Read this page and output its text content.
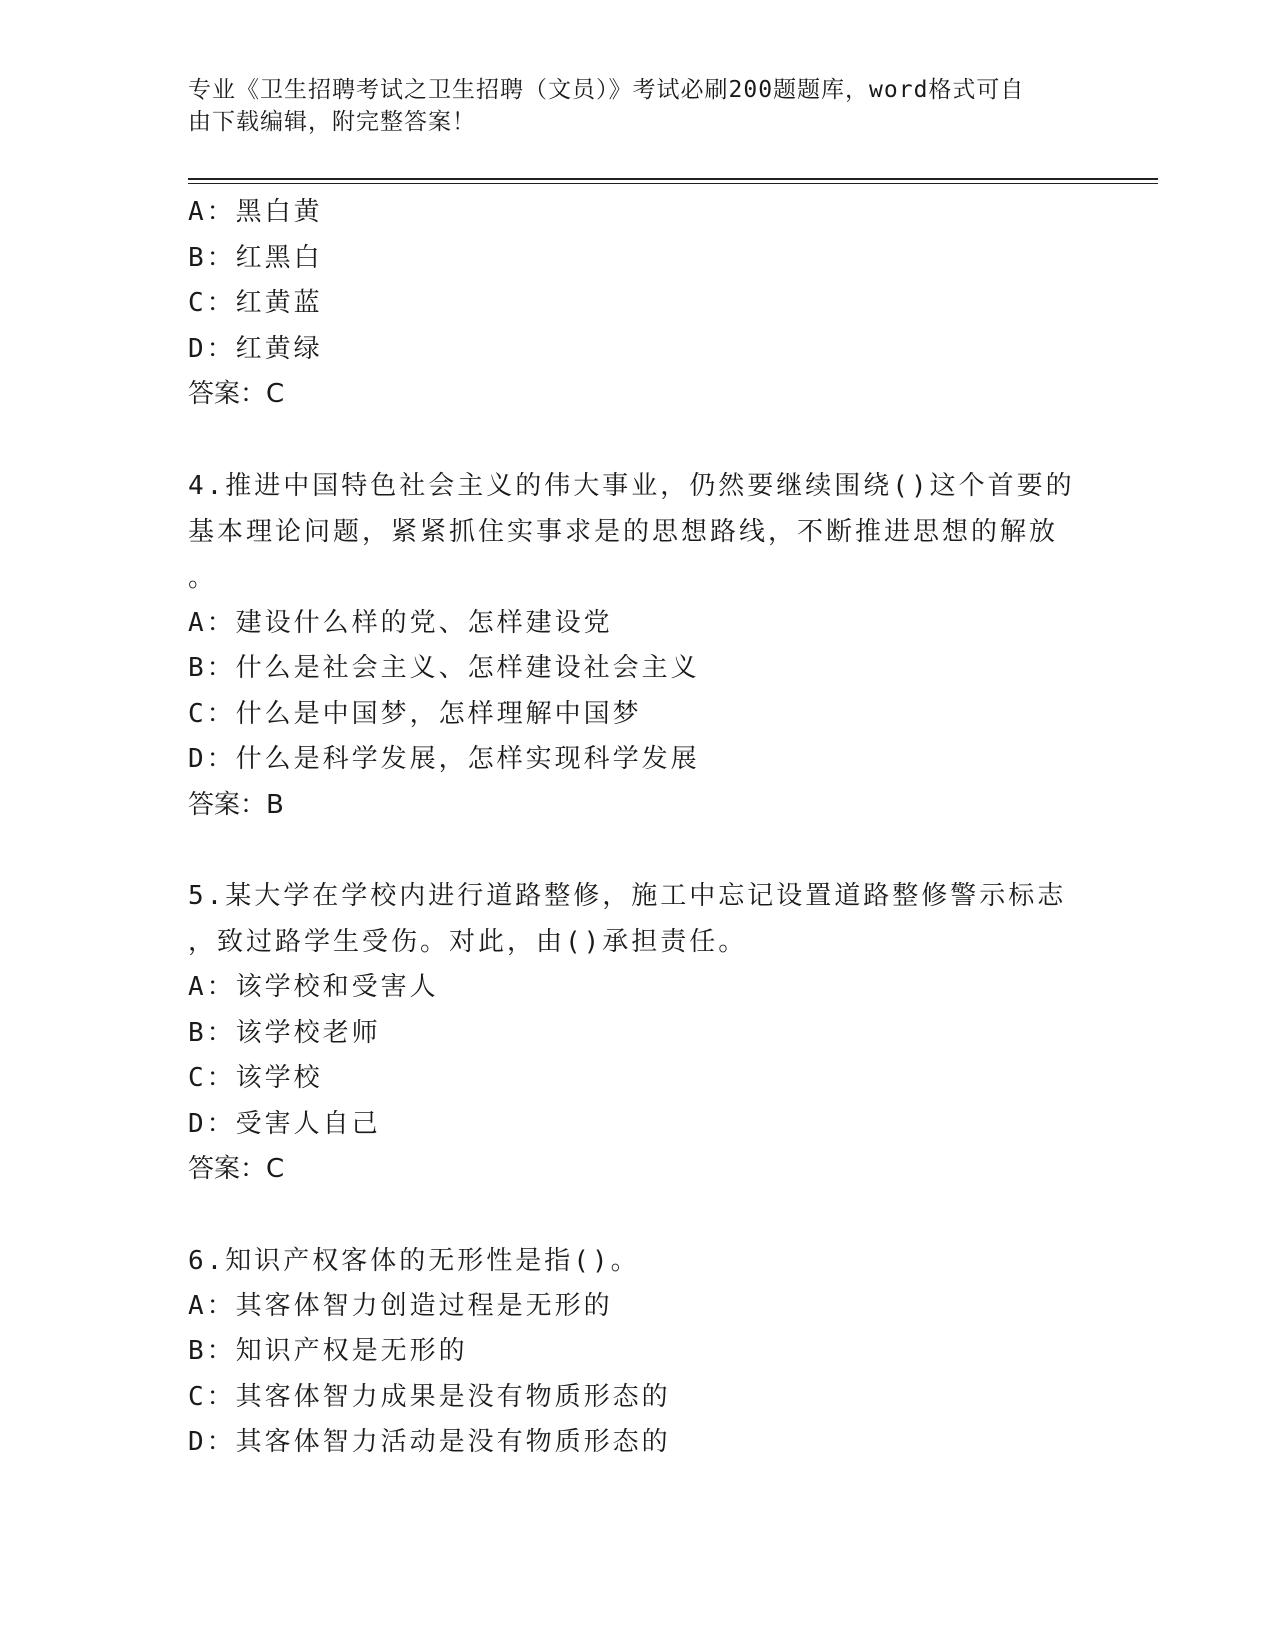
专业《卫生招聘考试之卫生招聘（文员）》考试必刷200题题库，word格式可自
由下载编辑，附完整答案！
A：黑白黄
B：红黑白
C：红黄蓝
D：红黄绿
答案：C
4.推进中国特色社会主义的伟大事业，仍然要继续围绕()这个首要的
基本理论问题，紧紧抓住实事求是的思想路线，不断推进思想的解放
。
A：建设什么样的党、怎样建设党
B：什么是社会主义、怎样建设社会主义
C：什么是中国梦，怎样理解中国梦
D：什么是科学发展，怎样实现科学发展
答案：B
5.某大学在学校内进行道路整修，施工中忘记设置道路整修警示标志
，致过路学生受伤。对此，由()承担责任。
A：该学校和受害人
B：该学校老师
C：该学校
D：受害人自己
答案：C
6.知识产权客体的无形性是指()。
A：其客体智力创造过程是无形的
B：知识产权是无形的
C：其客体智力成果是没有物质形态的
D：其客体智力活动是没有物质形态的
